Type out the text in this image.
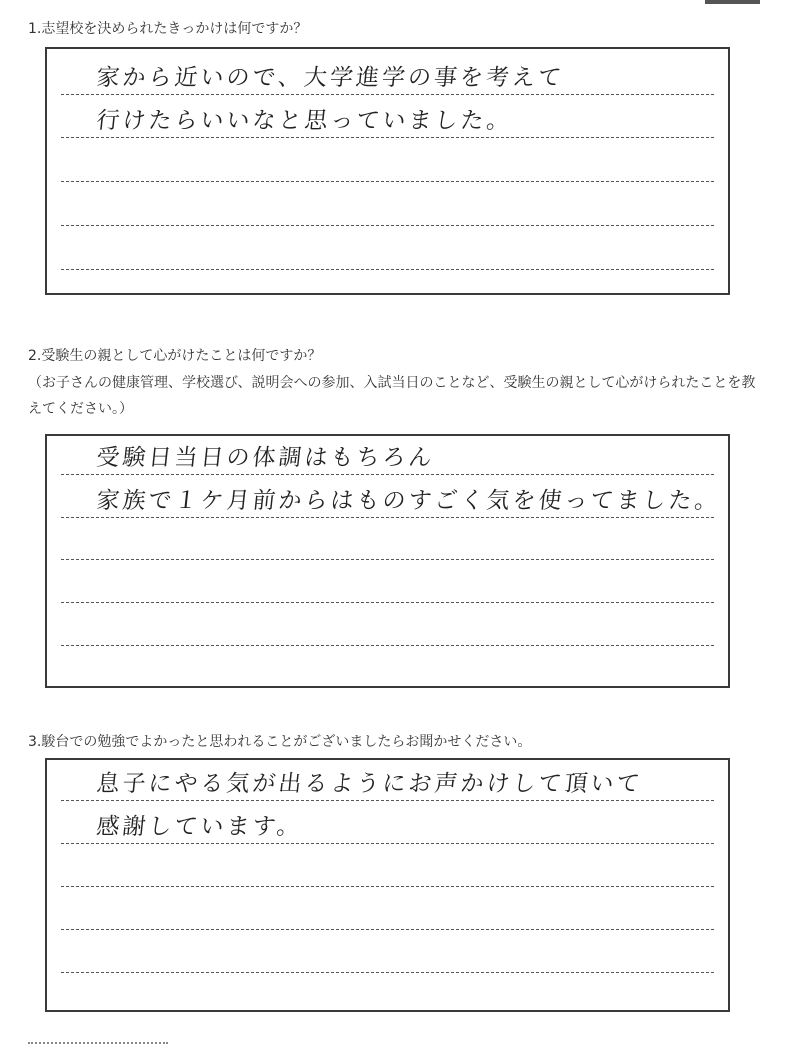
1.志望校を決められたきっかけは何ですか？
家から近いので、大学進学の事を考えて
行けたらいいなと思っていました。
2.受験生の親として心がけたことは何ですか？

（お子さんの健康管理、学校選び、説明会への参加、入試当日のことなど、受験生の親として心がけられたことを教えてください。）

受験日当日の体調はもちろん
家族で１ケ月前からはものすごく気を使ってました。
3.駿台での勉強でよかったと思われることがございましたらお聞かせください。
息子にやる気が出るようにお声かけして頂いて
感謝しています。
